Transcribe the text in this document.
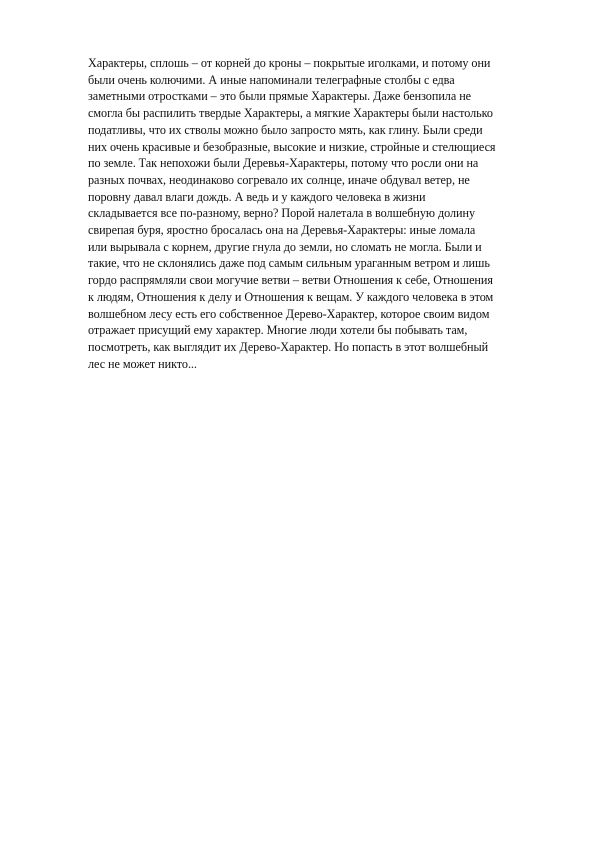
Характеры, сплошь – от корней до кроны – покрытые иголками, и потому они
были очень колючими. А иные напоминали телеграфные столбы с едва
заметными отростками – это были прямые Характеры. Даже бензопила не
смогла бы распилить твердые Характеры, а мягкие Характеры были настолько
податливы, что их стволы можно было запросто мять, как глину. Были среди
них очень красивые и безобразные, высокие и низкие, стройные и стелющиеся
по земле. Так непохожи были Деревья-Характеры, потому что росли они на
разных почвах, неодинаково согревало их солнце, иначе обдувал ветер, не
поровну давал влаги дождь. А ведь и у каждого человека в жизни
складывается все по-разному, верно? Порой налетала в волшебную долину
свирепая буря, яростно бросалась она на Деревья-Характеры: иные ломала
или вырывала с корнем, другие гнула до земли, но сломать не могла. Были и
такие, что не склонялись даже под самым сильным ураганным ветром и лишь
гордо распрямляли свои могучие ветви – ветви Отношения к себе, Отношения
к людям, Отношения к делу и Отношения к вещам. У каждого человека в этом
волшебном лесу есть его собственное Дерево-Характер, которое своим видом
отражает присущий ему характер. Многие люди хотели бы побывать там,
посмотреть, как выглядит их Дерево-Характер. Но попасть в этот волшебный
лес не может никто...
